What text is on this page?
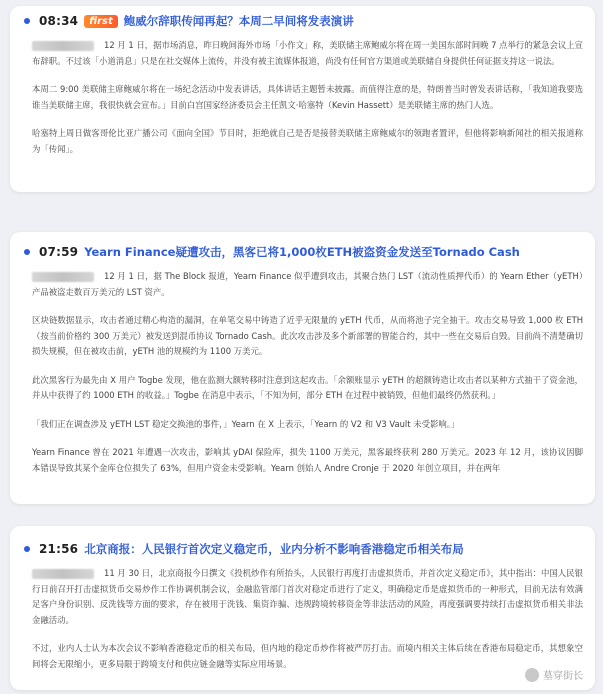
08:34	first 鲍威尔辞职传闻再起？本周二早间将发表演讲

12 月 1 日，据市场消息，昨日晚间海外市场「小作文」称，美联储主席鲍威尔将在周一美国东部时间晚 7 点举行的紧急会议上宣布辞职。不过该「小道消息」只是在社交媒体上流传，并没有被主流媒体报道，尚没有任何官方渠道或美联储自身提供任何证据支持这一说法。

本周二 9:00 美联储主席鲍威尔将在一场纪念活动中发表讲话，具体讲话主题暂未披露。而值得注意的是，特朗普当时曾发表讲话称，「我知道我要选谁当美联储主席，我很快就会宣布。」目前白宫国家经济委员会主任凯文·哈塞特（Kevin Hassett）是美联储主席的热门人选。

哈塞特上周日做客哥伦比亚广播公司《面向全国》节目时，拒绝就自己是否是接替美联储主席鲍威尔的领跑者置评，但他将影响新闻社的相关报道称为「传闻」。

07:59 Yearn Finance疑遭攻击，黑客已将1,000枚ETH被盗资金发送至Tornado Cash

12 月 1 日，据 The Block 报道，Yearn Finance 似乎遭到攻击，其聚合热门 LST（流动性质押代币）的 Yearn Ether（yETH）产品被盗走数百万美元的 LST 资产。

区块链数据显示，攻击者通过精心构造的漏洞，在单笔交易中铸造了近乎无限量的 yETH 代币，从而将池子完全抽干。攻击交易导致 1,000 枚 ETH（按当前价格约 300 万美元）被发送到混币协议 Tornado Cash。此次攻击涉及多个新部署的智能合约，其中一些在交易后自毁。目前尚不清楚确切损失规模，但在被攻击前，yETH 池的规模约为 1100 万美元。

此次黑客行为最先由 X 用户 Togbe 发现，他在监测大额转移时注意到这起攻击。「余额账显示 yETH 的超额铸造让攻击者以某种方式抽干了资金池，并从中获得了约 1000 ETH 的收益。」Togbe 在消息中表示，「不知为何，部分 ETH 在过程中被销毁，但他们最终仍然获利。」

「我们正在调查涉及 yETH LST 稳定交换池的事件，」Yearn 在 X 上表示，「Yearn 的 V2 和 V3 Vault 未受影响。」

Yearn Finance 曾在 2021 年遭遇一次攻击，影响其 yDAI 保险库，损失 1100 万美元，黑客最终获利 280 万美元。2023 年 12 月，该协议因脚本错误导致其某个金库仓位损失了 63%，但用户资金未受影响。Yearn 创始人 Andre Cronje 于 2020 年创立项目，并在两年

21:56 北京商报：人民银行首次定义稳定币，业内分析不影响香港稳定币相关布局

11 月 30 日，北京商报今日撰文《投机炒作有所抬头，人民银行再度打击虚拟货币，并首次定义稳定币》，其中指出：中国人民银行日前召开打击虚拟货币交易炒作工作协调机制会议，金融监管部门首次对稳定币进行了定义，明确稳定币是虚拟货币的一种形式，目前无法有效满足客户身份识别、反洗钱等方面的要求，存在被用于洗钱、集资诈骗、违规跨境转移资金等非法活动的风险，再度强调要持续打击虚拟货币相关非法金融活动。

不过，业内人士认为本次会议不影响香港稳定币的相关布局，但内地的稳定币炒作将被严厉打击。而境内相关主体后续在香港布局稳定币，其想象空间将会无限缩小，更多局限于跨境支付和供应链金融等实际应用场景。

墓穿街长
